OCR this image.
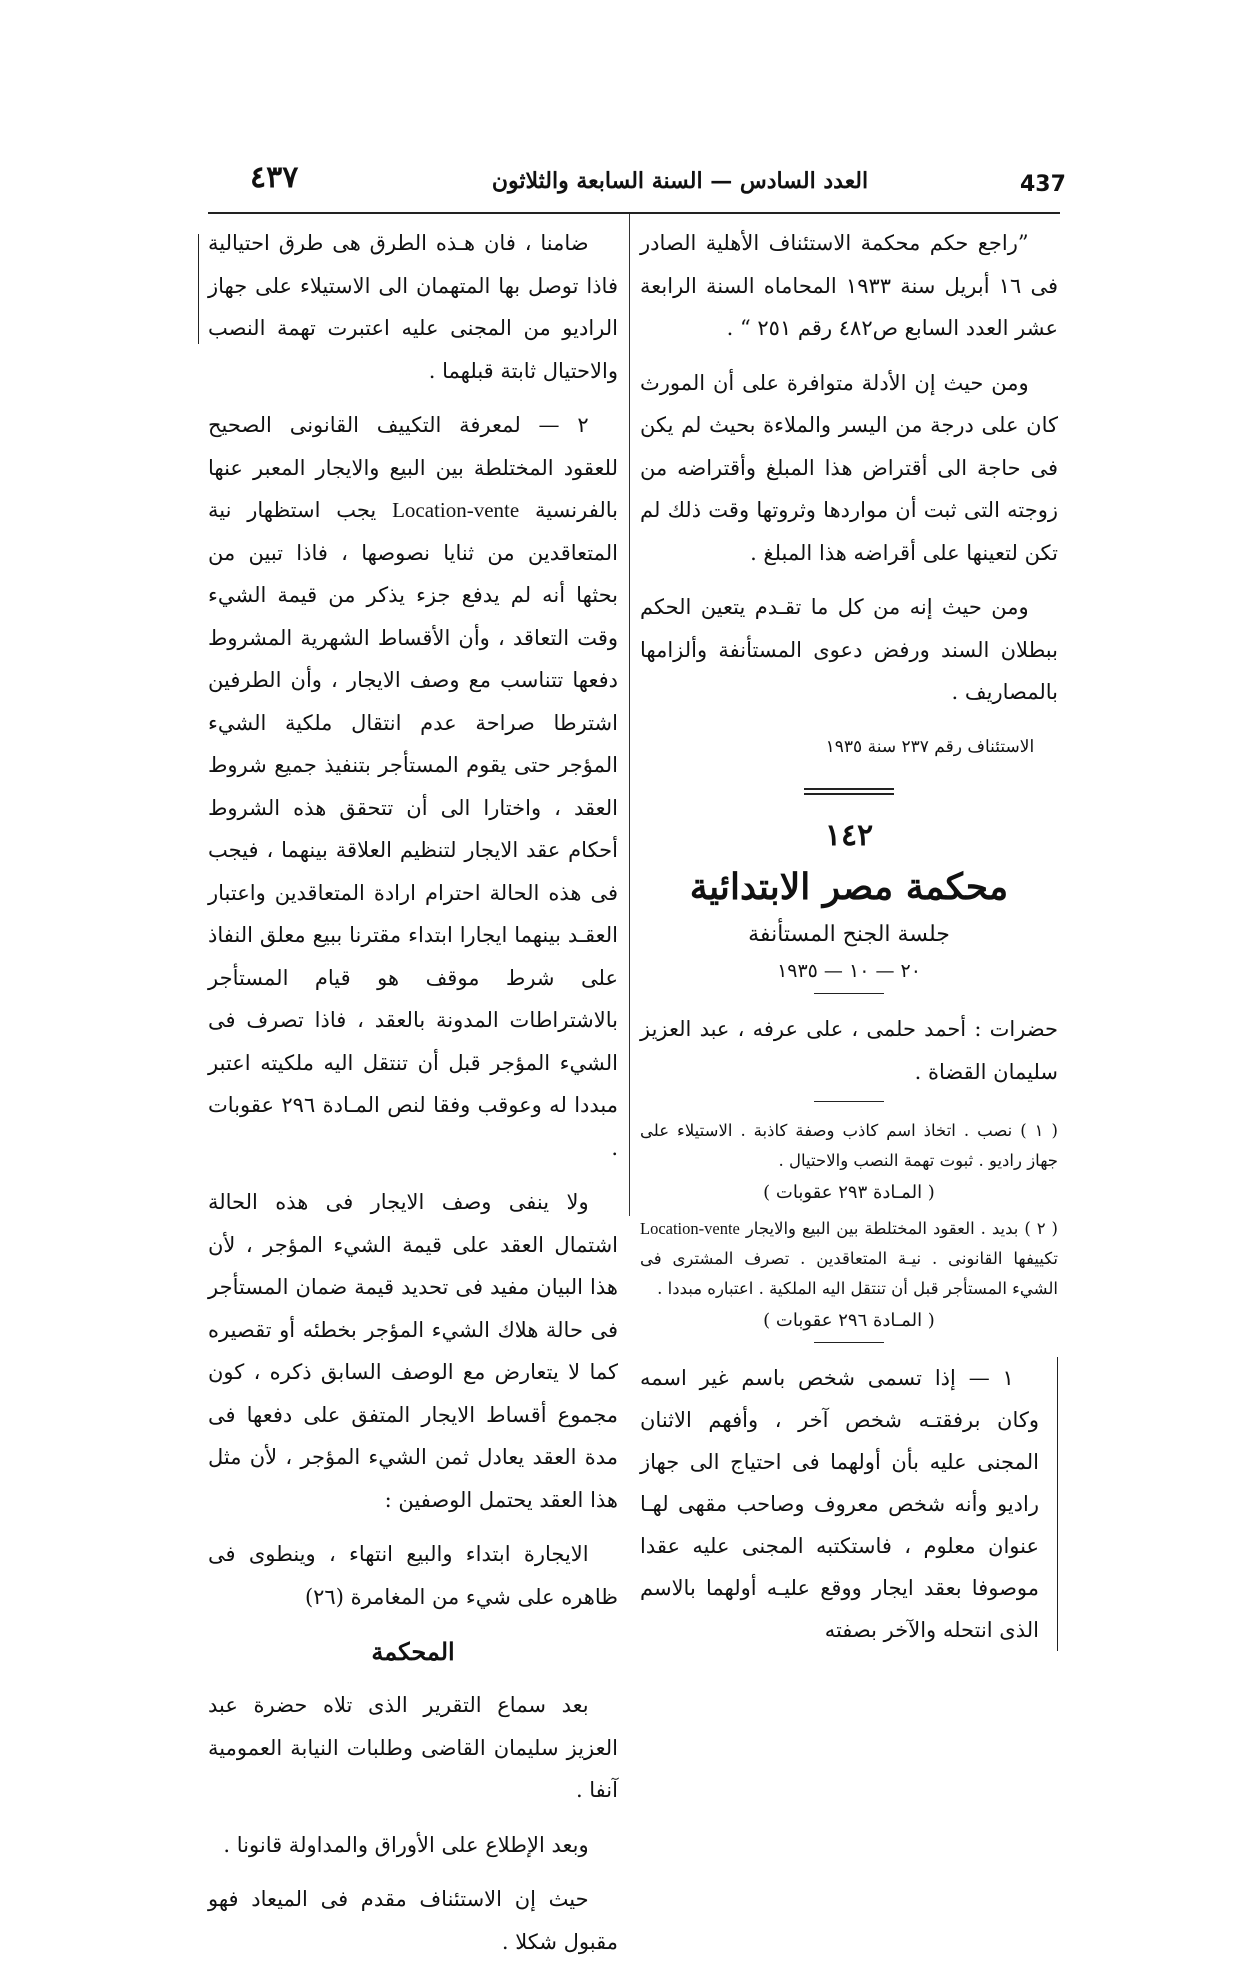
٤٣٧	العدد السادس — السنة السابعة والثلاثون	437

”راجع حكم محكمة الاستئناف الأهلية الصادر فى ١٦ أبريل سنة ١٩٣٣ المحاماه السنة الرابعة عشر العدد السابع ص٤٨٢ رقم ٢٥١ “ .

ومن حيث إن الأدلة متوافرة على أن المورث كان على درجة من اليسر والملاءة بحيث لم يكن فى حاجة الى أقتراض هذا المبلغ وأقتراضه من زوجته التى ثبت أن مواردها وثروتها وقت ذلك لم تكن لتعينها على أقراضه هذا المبلغ .

ومن حيث إنه من كل ما تقـدم يتعين الحكم ببطلان السند ورفض دعوى المستأنفة وألزامها بالمصاريف .

الاستئناف رقم ٢٣٧ سنة ١٩٣٥

١٤٢
محكمة مصر الابتدائية
جلسة الجنح المستأنفة
٢٠ — ١٠ — ١٩٣٥

حضرات : أحمد حلمى ، على عرفه ، عبد العزيز سليمان القضاة .

( ١ ) نصب . اتخاذ اسم كاذب وصفة كاذبة . الاستيلاء على جهاز راديو . ثبوت تهمة النصب والاحتيال .

( المـادة ٢٩٣ عقوبات )

( ٢ ) بديد . العقود المختلطة بين البيع والايجار Location-vente تكييفها القانونى . نيـة المتعاقدين . تصرف المشترى فى الشيء المستأجر قبل أن تنتقل اليه الملكية . اعتباره مبددا .

( المـادة ٢٩٦ عقوبات )

١ — إذا تسمى شخص باسم غير اسمه وكان برفقتـه شخص آخر ، وأفهم الاثنان المجنى عليه بأن أولهما فى احتياج الى جهاز راديو وأنه شخص معروف وصاحب مقهى لهـا عنوان معلوم ، فاستكتبه المجنى عليه عقدا موصوفا بعقد ايجار ووقع عليـه أولهما بالاسم الذى انتحله والآخر بصفته

ضامنا ، فان هـذه الطرق هى طرق احتيالية فاذا توصل بها المتهمان الى الاستيلاء على جهاز الراديو من المجنى عليه اعتبرت تهمة النصب والاحتيال ثابتة قبلهما .

٢ — لمعرفة التكييف القانونى الصحيح للعقود المختلطة بين البيع والايجار المعبر عنها بالفرنسية Location-vente يجب استظهار نية المتعاقدين من ثنايا نصوصها ، فاذا تبين من بحثها أنه لم يدفع جزء يذكر من قيمة الشيء وقت التعاقد ، وأن الأقساط الشهرية المشروط دفعها تتناسب مع وصف الايجار ، وأن الطرفين اشترطا صراحة عدم انتقال ملكية الشيء المؤجر حتى يقوم المستأجر بتنفيذ جميع شروط العقد ، واختارا الى أن تتحقق هذه الشروط أحكام عقد الايجار لتنظيم العلاقة بينهما ، فيجب فى هذه الحالة احترام ارادة المتعاقدين واعتبار العقـد بينهما ايجارا ابتداء مقترنا ببيع معلق النفاذ على شرط موقف هو قيام المستأجر بالاشتراطات المدونة بالعقد ، فاذا تصرف فى الشيء المؤجر قبل أن تنتقل اليه ملكيته اعتبر مبددا له وعوقب وفقا لنص المـادة ٢٩٦ عقوبات .

ولا ينفى وصف الايجار فى هذه الحالة اشتمال العقد على قيمة الشيء المؤجر ، لأن هذا البيان مفيد فى تحديد قيمة ضمان المستأجر فى حالة هلاك الشيء المؤجر بخطئه أو تقصيره كما لا يتعارض مع الوصف السابق ذكره ، كون مجموع أقساط الايجار المتفق على دفعها فى مدة العقد يعادل ثمن الشيء المؤجر ، لأن مثل هذا العقد يحتمل الوصفين :

الايجارة ابتداء والبيع انتهاء ، وينطوى فى ظاهره على شيء من المغامرة (٢٦)

المحكمة

بعد سماع التقرير الذى تلاه حضرة عبد العزيز سليمان القاضى وطلبات النيابة العمومية آنفا .

وبعد الإطلاع على الأوراق والمداولة قانونا .

حيث إن الاستئناف مقدم فى الميعاد فهو مقبول شكلا .
